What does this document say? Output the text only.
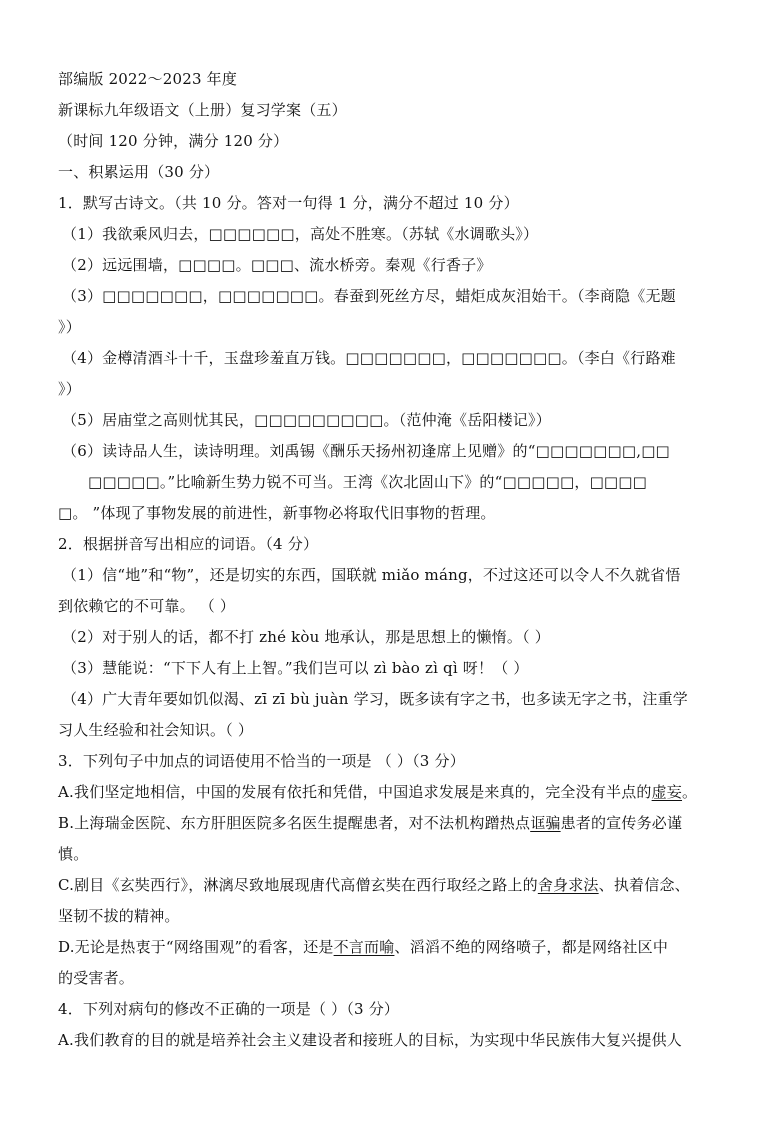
部编版 2022～2023 年度
新课标九年级语文（上册）复习学案（五）
（时间 120 分钟，满分 120 分）
一、积累运用（30 分）
1．默写古诗文。（共 10 分。答对一句得 1 分，满分不超过 10 分）
（1）我欲乘风归去，□□□□□□，高处不胜寒。（苏轼《水调歌头》）
（2）远远围墙，□□□□。□□□、流水桥旁。秦观《行香子》
（3）□□□□□□□，□□□□□□□。春蚕到死丝方尽，蜡炬成灰泪始干。（李商隐《无题
》）
（4）金樽清酒斗十千，玉盘珍羞直万钱。□□□□□□□，□□□□□□□。（李白《行路难
》）
（5）居庙堂之高则忧其民，□□□□□□□□□。（范仲淹《岳阳楼记》）
（6）读诗品人生，读诗明理。刘禹锡《酬乐天扬州初逢席上见赠》的“□□□□□□□,□□
□□□□□。”比喻新生势力锐不可当。王湾《次北固山下》的“□□□□□，□□□□
□。 ”体现了事物发展的前进性，新事物必将取代旧事物的哲理。
2．根据拼音写出相应的词语。（4 分）
（1）信“地”和“物”，还是切实的东西，国联就 miǎo máng，不过这还可以令人不久就省悟
到依赖它的不可靠。 （ ）
（2）对于别人的话，都不打 zhé kòu 地承认，那是思想上的懒惰。（ ）
（3）慧能说：“下下人有上上智。”我们岂可以 zì bào zì qì 呀！（ ）
（4）广大青年要如饥似渴、zī zī bù juàn 学习，既多读有字之书，也多读无字之书，注重学
习人生经验和社会知识。（ ）
3．下列句子中加点的词语使用不恰当的一项是 （ ）（3 分）
A.我们坚定地相信，中国的发展有依托和凭借，中国追求发展是来真的，完全没有半点的虚妄。
B.上海瑞金医院、东方肝胆医院多名医生提醒患者，对不法机构蹭热点诓骗患者的宣传务必谨
慎。
C.剧目《玄奘西行》，淋漓尽致地展现唐代高僧玄奘在西行取经之路上的舍身求法、执着信念、
坚韧不拔的精神。
D.无论是热衷于“网络围观”的看客，还是不言而喻、滔滔不绝的网络喷子，都是网络社区中
的受害者。
4．下列对病句的修改不正确的一项是（ ）（3 分）
A.我们教育的目的就是培养社会主义建设者和接班人的目标，为实现中华民族伟大复兴提供人
